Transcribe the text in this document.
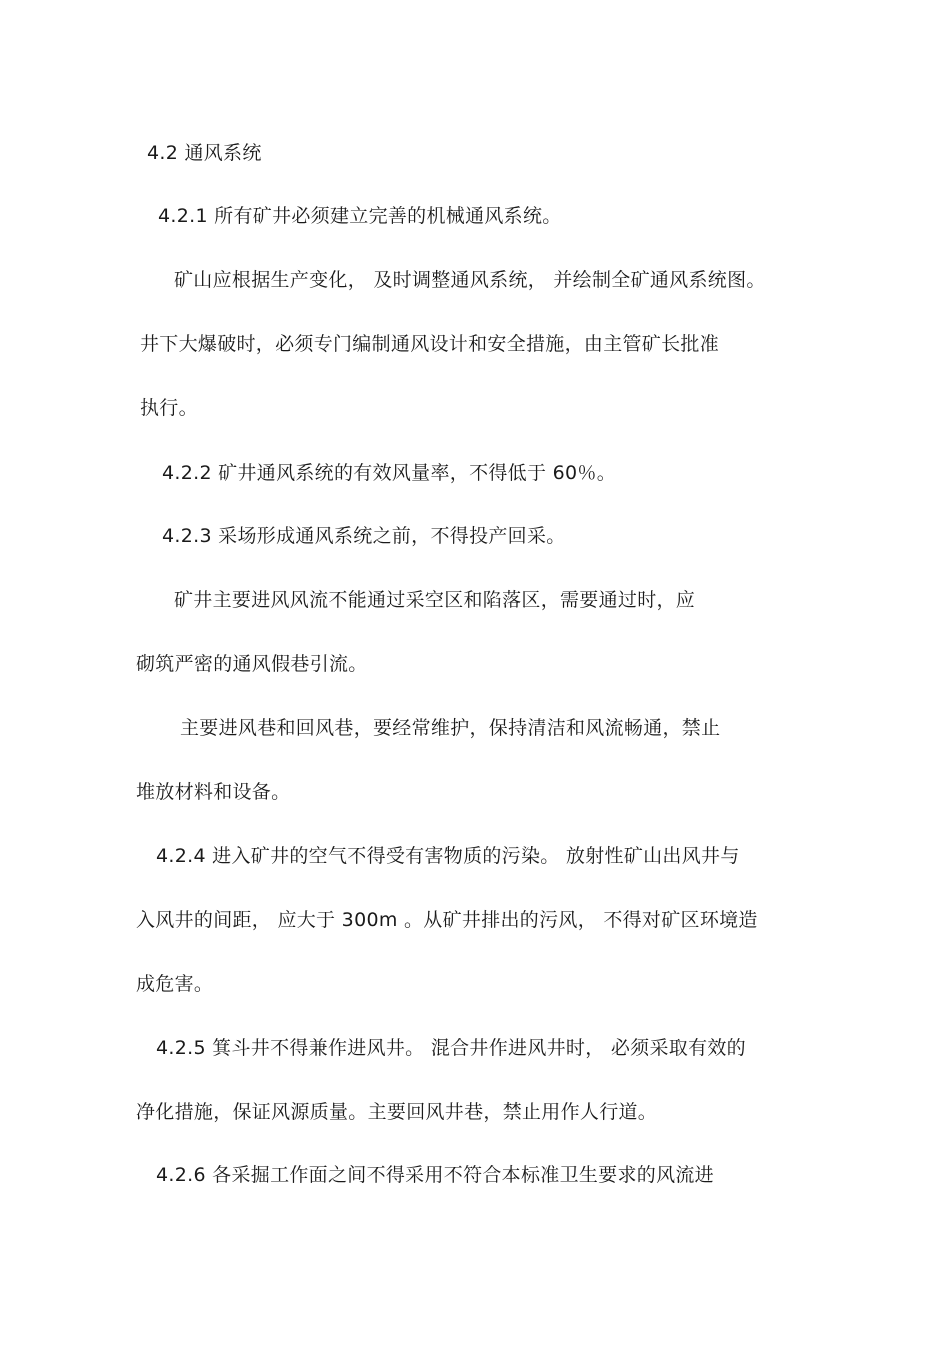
4.2 通风系统
4.2.1 所有矿井必须建立完善的机械通风系统。
矿山应根据生产变化， 及时调整通风系统， 并绘制全矿通风系统图。
井下大爆破时，必须专门编制通风设计和安全措施，由主管矿长批准
执行。
4.2.2 矿井通风系统的有效风量率，不得低于 60％。
4.2.3 采场形成通风系统之前，不得投产回采。
矿井主要进风风流不能通过采空区和陷落区，需要通过时，应
砌筑严密的通风假巷引流。
主要进风巷和回风巷，要经常维护，保持清洁和风流畅通，禁止
堆放材料和设备。
4.2.4 进入矿井的空气不得受有害物质的污染。 放射性矿山出风井与
入风井的间距， 应大于 300m 。从矿井排出的污风， 不得对矿区环境造
成危害。
4.2.5 箕斗井不得兼作进风井。 混合井作进风井时， 必须采取有效的
净化措施，保证风源质量。主要回风井巷，禁止用作人行道。
4.2.6 各采掘工作面之间不得采用不符合本标准卫生要求的风流进
